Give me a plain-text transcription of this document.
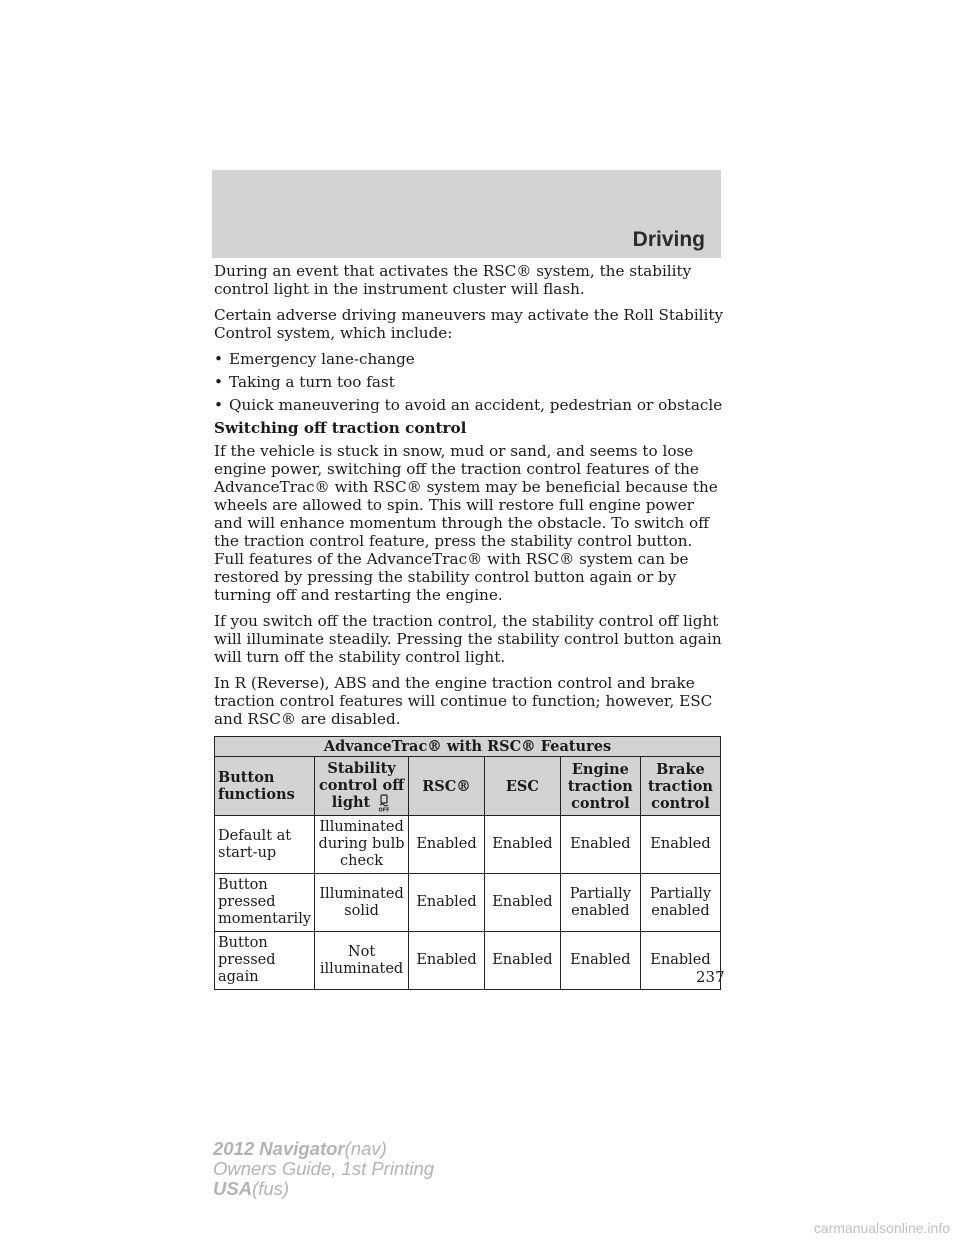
Driving

During an event that activates the RSC® system, the stability control light in the instrument cluster will flash.

Certain adverse driving maneuvers may activate the Roll Stability Control system, which include:

• Emergency lane-change
• Taking a turn too fast
• Quick maneuvering to avoid an accident, pedestrian or obstacle
Switching off traction control

If the vehicle is stuck in snow, mud or sand, and seems to lose engine power, switching off the traction control features of the AdvanceTrac® with RSC® system may be beneficial because the wheels are allowed to spin. This will restore full engine power and will enhance momentum through the obstacle. To switch off the traction control feature, press the stability control button. Full features of the AdvanceTrac® with RSC® system can be restored by pressing the stability control button again or by turning off and restarting the engine.

If you switch off the traction control, the stability control off light will illuminate steadily. Pressing the stability control button again will turn off the stability control light.

In R (Reverse), ABS and the engine traction control and brake traction control features will continue to function; however, ESC and RSC® are disabled.

AdvanceTrac® with RSC® Features					
Button functions	Stability control off light OFF	RSC®	ESC	Engine traction control	Brake traction control
Default at start-up	Illuminated during bulb check	Enabled	Enabled	Enabled	Enabled
Button pressed momentarily	Illuminated solid	Enabled	Enabled	Partially enabled	Partially enabled
Button pressed again	Not illuminated	Enabled	Enabled	Enabled	Enabled
237
2012 Navigator(nav)
Owners Guide, 1st Printing
USA(fus)
carmanualsonline.info
